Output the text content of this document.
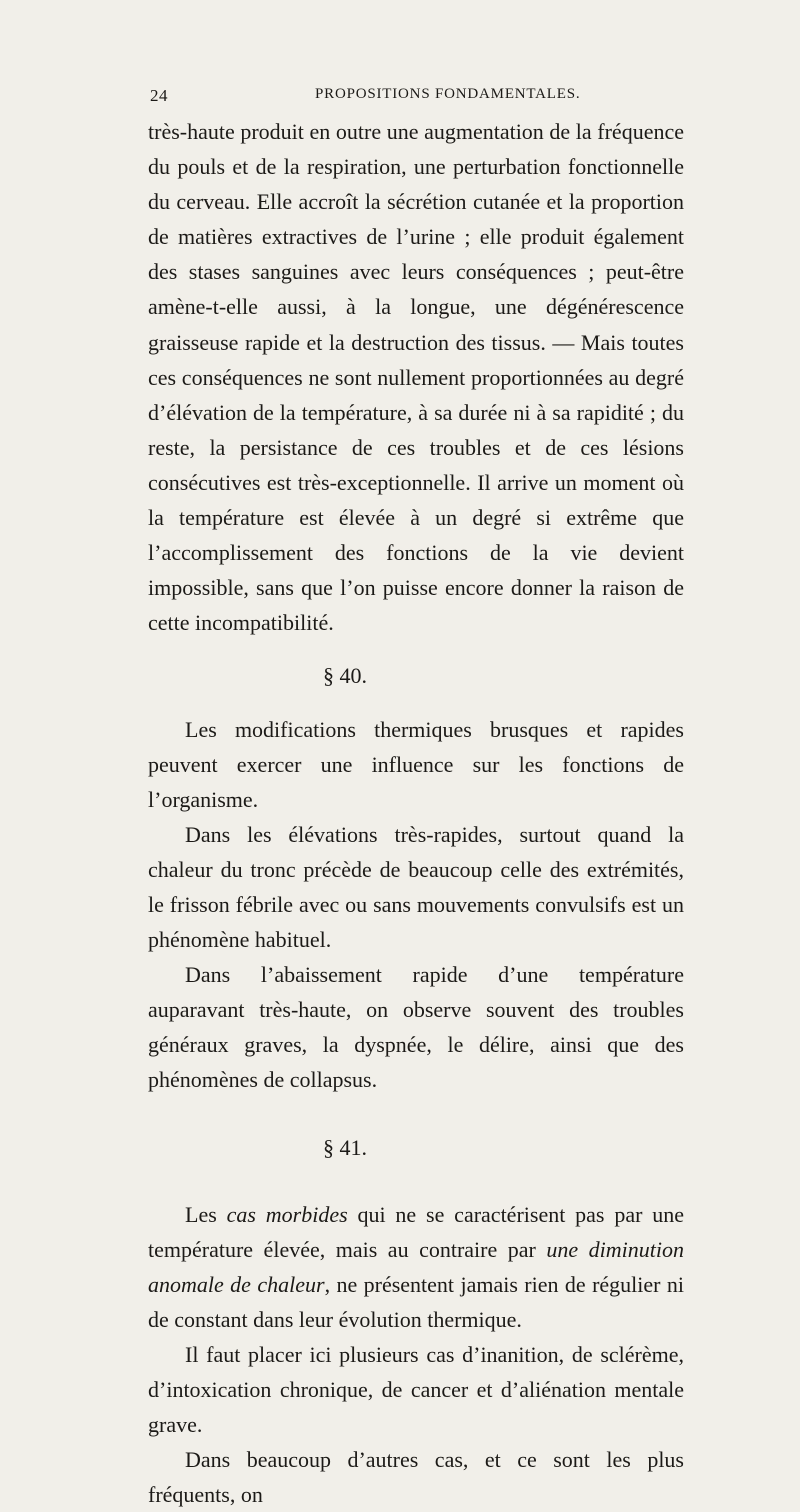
24	PROPOSITIONS FONDAMENTALES.

très-haute produit en outre une augmentation de la fréquence du pouls et de la respiration, une perturbation fonctionnelle du cerveau. Elle accroît la sécrétion cutanée et la proportion de matières extractives de l’urine ; elle produit également des stases sanguines avec leurs conséquences ; peut-être amène-t-elle aussi, à la longue, une dégénérescence graisseuse rapide et la destruction des tissus. — Mais toutes ces conséquences ne sont nullement proportionnées au degré d’élévation de la température, à sa durée ni à sa rapidité ; du reste, la persistance de ces troubles et de ces lésions consécutives est très-exceptionnelle. Il arrive un moment où la température est élevée à un degré si extrême que l’accomplissement des fonctions de la vie devient impossible, sans que l’on puisse encore donner la raison de cette incompatibilité.

§ 40.

Les modifications thermiques brusques et rapides peuvent exercer une influence sur les fonctions de l’organisme.

Dans les élévations très-rapides, surtout quand la chaleur du tronc précède de beaucoup celle des extrémités, le frisson fébrile avec ou sans mouvements convulsifs est un phénomène habituel.

Dans l’abaissement rapide d’une température auparavant très-haute, on observe souvent des troubles généraux graves, la dyspnée, le délire, ainsi que des phénomènes de collapsus.

§ 41.

Les cas morbides qui ne se caractérisent pas par une température élevée, mais au contraire par une diminution anomale de chaleur, ne présentent jamais rien de régulier ni de constant dans leur évolution thermique.

Il faut placer ici plusieurs cas d’inanition, de sclérème, d’intoxication chronique, de cancer et d’aliénation mentale grave.

Dans beaucoup d’autres cas, et ce sont les plus fréquents, on
